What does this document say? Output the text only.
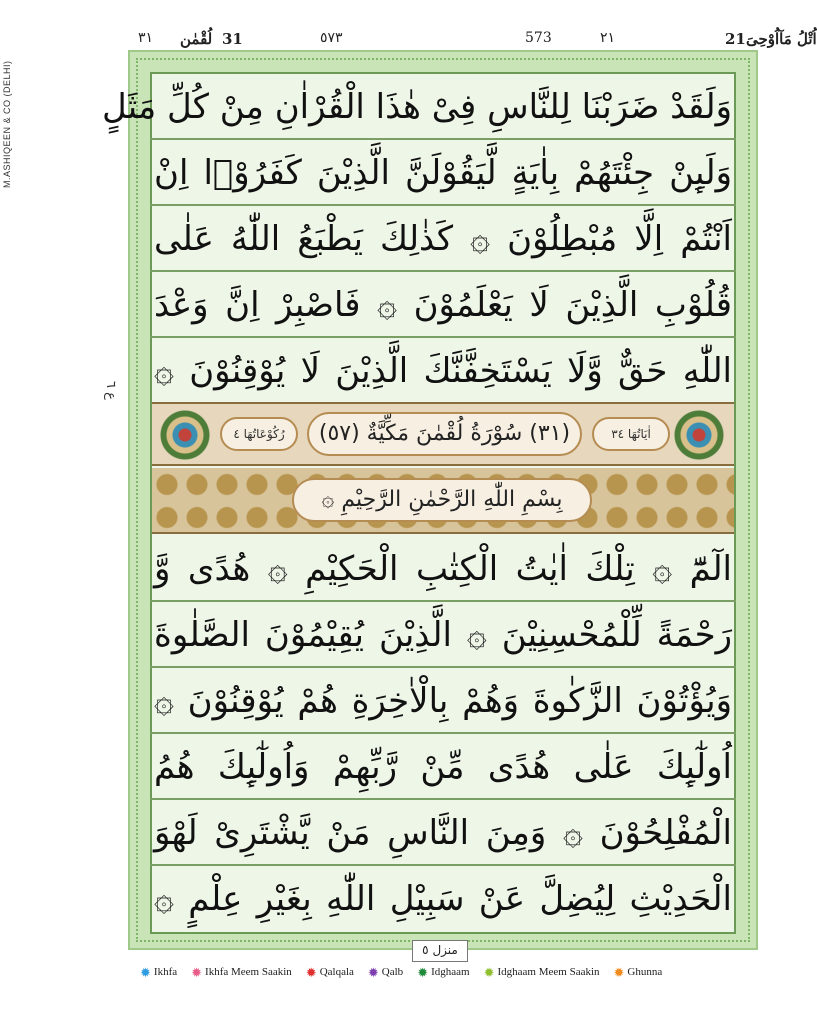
M.ASHIQEEN & CO (DELHI)
٣١ لُقْمٰن 31	٥٧٣	573	٢١	اُتْلُ مَآاُوْحِیَ
21
ع ٦
وَلَقَدْ ضَرَبْنَا لِلنَّاسِ فِیْ هٰذَا الْقُرْاٰنِ مِنْ كُلِّ مَثَلٍ
وَلَىِٕنْ جِئْتَهُمْ بِاٰیَةٍ لَّیَقُوْلَنَّ الَّذِیْنَ كَفَرُوْۤا اِنْ
اَنْتُمْ اِلَّا مُبْطِلُوْنَ ۞ كَذٰلِكَ یَطْبَعُ اللّٰهُ عَلٰى
قُلُوْبِ الَّذِیْنَ لَا یَعْلَمُوْنَ ۞ فَاصْبِرْ اِنَّ وَعْدَ
اللّٰهِ حَقٌّ وَّلَا یَسْتَخِفَّنَّكَ الَّذِیْنَ لَا یُوْقِنُوْنَ ۞
رُكُوْعَاتُهَا ٤	(٣١) سُوْرَةُ لُقْمٰنَ مَكِّیَّةٌ (٥٧)	اٰیَاتُهَا ٣٤
بِسْمِ اللّٰهِ الرَّحْمٰنِ الرَّحِیْمِ ۞
الٓمّٓ ۞ تِلْكَ اٰیٰتُ الْكِتٰبِ الْحَكِیْمِ ۞ هُدًى وَّ
رَحْمَةً لِّلْمُحْسِنِیْنَ ۞ الَّذِیْنَ یُقِیْمُوْنَ الصَّلٰوةَ
وَیُؤْتُوْنَ الزَّكٰوةَ وَهُمْ بِالْاٰخِرَةِ هُمْ یُوْقِنُوْنَ ۞
اُولٰٓىِٕكَ عَلٰى هُدًى مِّنْ رَّبِّهِمْ وَاُولٰٓىِٕكَ هُمُ
الْمُفْلِحُوْنَ ۞ وَمِنَ النَّاسِ مَنْ یَّشْتَرِیْ لَهْوَ
الْحَدِیْثِ لِیُضِلَّ عَنْ سَبِیْلِ اللّٰهِ بِغَیْرِ عِلْمٍ ۞
منزل ٥
✹ Ikhfa ✹ Ikhfa Meem Saakin ✹ Qalqala ✹ Qalb ✹ Idghaam ✹ Idghaam Meem Saakin ✹ Ghunna
